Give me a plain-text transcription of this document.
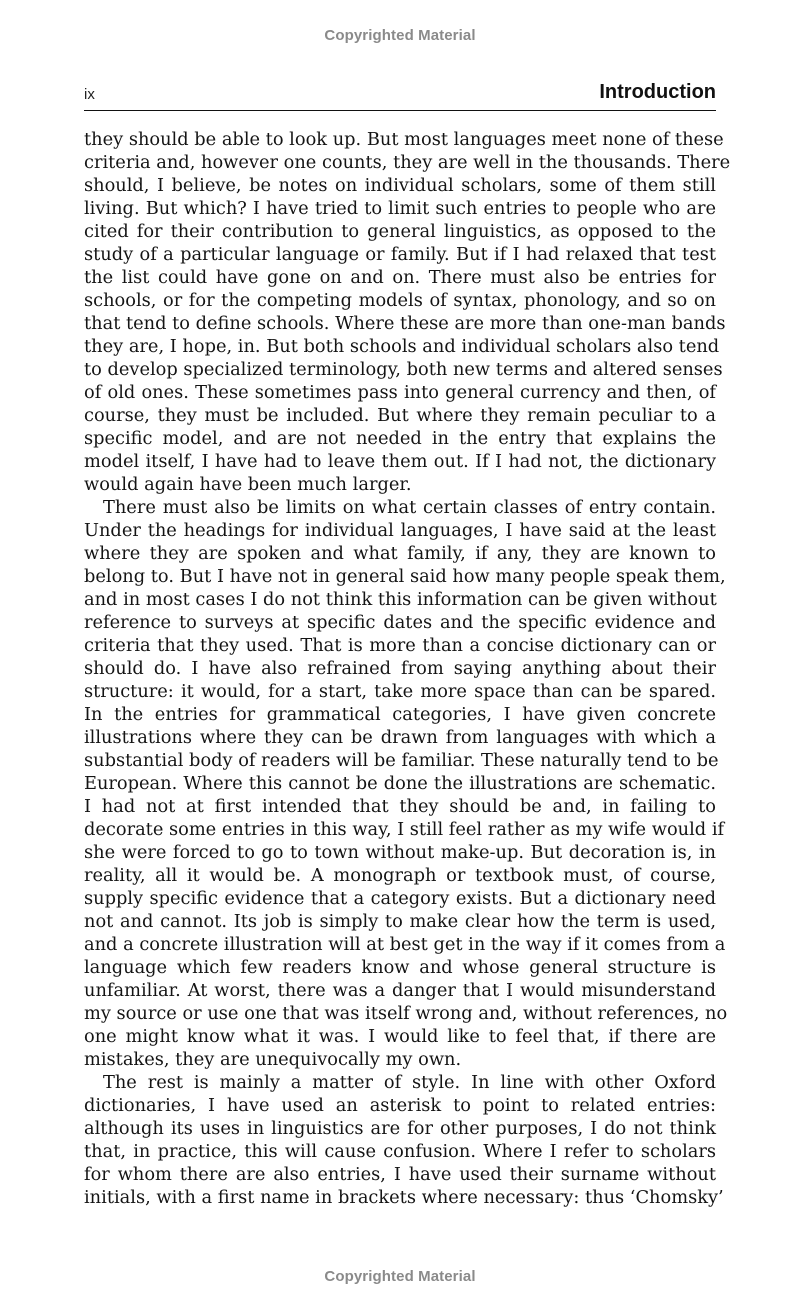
Copyrighted Material
ix	Introduction
they should be able to look up. But most languages meet none of these
criteria and, however one counts, they are well in the thousands. There
should, I believe, be notes on individual scholars, some of them still
living. But which? I have tried to limit such entries to people who are
cited for their contribution to general linguistics, as opposed to the
study of a particular language or family. But if I had relaxed that test
the list could have gone on and on. There must also be entries for
schools, or for the competing models of syntax, phonology, and so on
that tend to define schools. Where these are more than one-man bands
they are, I hope, in. But both schools and individual scholars also tend
to develop specialized terminology, both new terms and altered senses
of old ones. These sometimes pass into general currency and then, of
course, they must be included. But where they remain peculiar to a
specific model, and are not needed in the entry that explains the
model itself, I have had to leave them out. If I had not, the dictionary
would again have been much larger.
There must also be limits on what certain classes of entry contain.
Under the headings for individual languages, I have said at the least
where they are spoken and what family, if any, they are known to
belong to. But I have not in general said how many people speak them,
and in most cases I do not think this information can be given without
reference to surveys at specific dates and the specific evidence and
criteria that they used. That is more than a concise dictionary can or
should do. I have also refrained from saying anything about their
structure: it would, for a start, take more space than can be spared.
In the entries for grammatical categories, I have given concrete
illustrations where they can be drawn from languages with which a
substantial body of readers will be familiar. These naturally tend to be
European. Where this cannot be done the illustrations are schematic.
I had not at first intended that they should be and, in failing to
decorate some entries in this way, I still feel rather as my wife would if
she were forced to go to town without make-up. But decoration is, in
reality, all it would be. A monograph or textbook must, of course,
supply specific evidence that a category exists. But a dictionary need
not and cannot. Its job is simply to make clear how the term is used,
and a concrete illustration will at best get in the way if it comes from a
language which few readers know and whose general structure is
unfamiliar. At worst, there was a danger that I would misunderstand
my source or use one that was itself wrong and, without references, no
one might know what it was. I would like to feel that, if there are
mistakes, they are unequivocally my own.
The rest is mainly a matter of style. In line with other Oxford
dictionaries, I have used an asterisk to point to related entries:
although its uses in linguistics are for other purposes, I do not think
that, in practice, this will cause confusion. Where I refer to scholars
for whom there are also entries, I have used their surname without
initials, with a first name in brackets where necessary: thus ‘Chomsky’
Copyrighted Material
